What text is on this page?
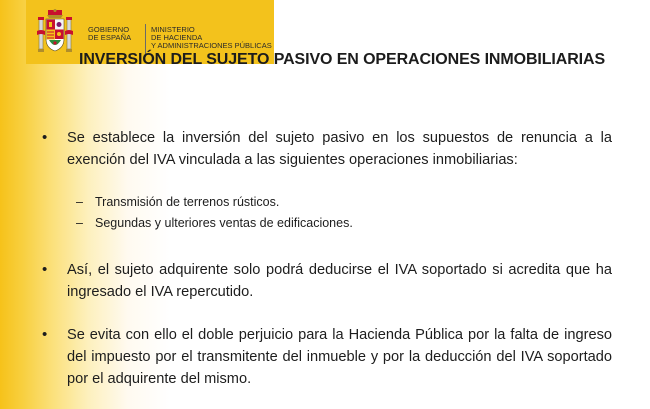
GOBIERNO
DE ESPAÑA
MINISTERIO
DE HACIENDA
Y ADMINISTRACIONES PÚBLICAS
INVERSIÓN DEL SUJETO PASIVO EN OPERACIONES INMOBILIARIAS
• Se establece la inversión del sujeto pasivo en los supuestos de renuncia a la exención del IVA vinculada a las siguientes operaciones inmobiliarias:
– Transmisión de terrenos rústicos.
– Segundas y ulteriores ventas de edificaciones.
• Así, el sujeto adquirente solo podrá deducirse el IVA soportado si acredita que ha ingresado el IVA repercutido.
• Se evita con ello el doble perjuicio para la Hacienda Pública por la falta de ingreso del impuesto por el transmitente del inmueble y por la deducción del IVA soportado por el adquirente del mismo.
